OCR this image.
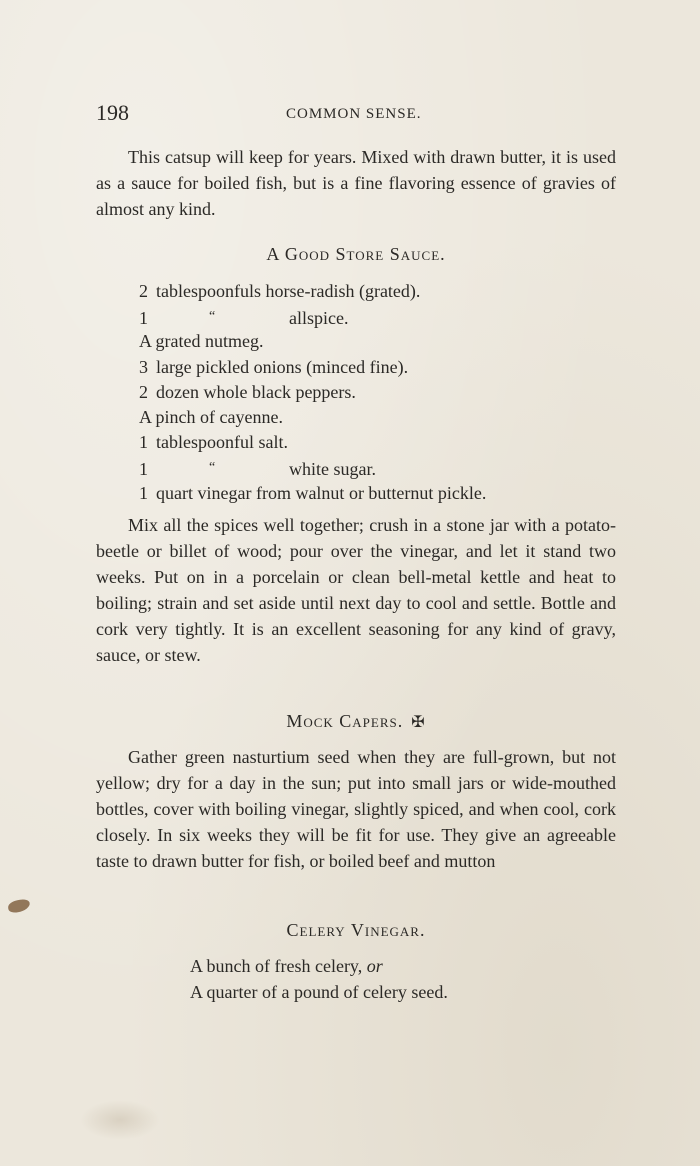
198	COMMON SENSE.

This catsup will keep for years. Mixed with drawn butter, it is used as a sauce for boiled fish, but is a fine flavoring essence of gravies of almost any kind.

A Good Store Sauce.
2 tablespoonfuls horse-radish (grated).
1	“	allspice.
A grated nutmeg.
3 large pickled onions (minced fine).
2 dozen whole black peppers.
A pinch of cayenne.
1 tablespoonful salt.
1	“	white sugar.
1 quart vinegar from walnut or butternut pickle.

Mix all the spices well together; crush in a stone jar with a potato-beetle or billet of wood; pour over the vinegar, and let it stand two weeks. Put on in a porcelain or clean bell-metal kettle and heat to boiling; strain and set aside until next day to cool and settle. Bottle and cork very tightly. It is an excellent seasoning for any kind of gravy, sauce, or stew.

Mock Capers. ✠

Gather green nasturtium seed when they are full-grown, but not yellow; dry for a day in the sun; put into small jars or wide-mouthed bottles, cover with boiling vinegar, slightly spiced, and when cool, cork closely. In six weeks they will be fit for use. They give an agreeable taste to drawn butter for fish, or boiled beef and mutton

Celery Vinegar.
A bunch of fresh celery, or
A quarter of a pound of celery seed.
